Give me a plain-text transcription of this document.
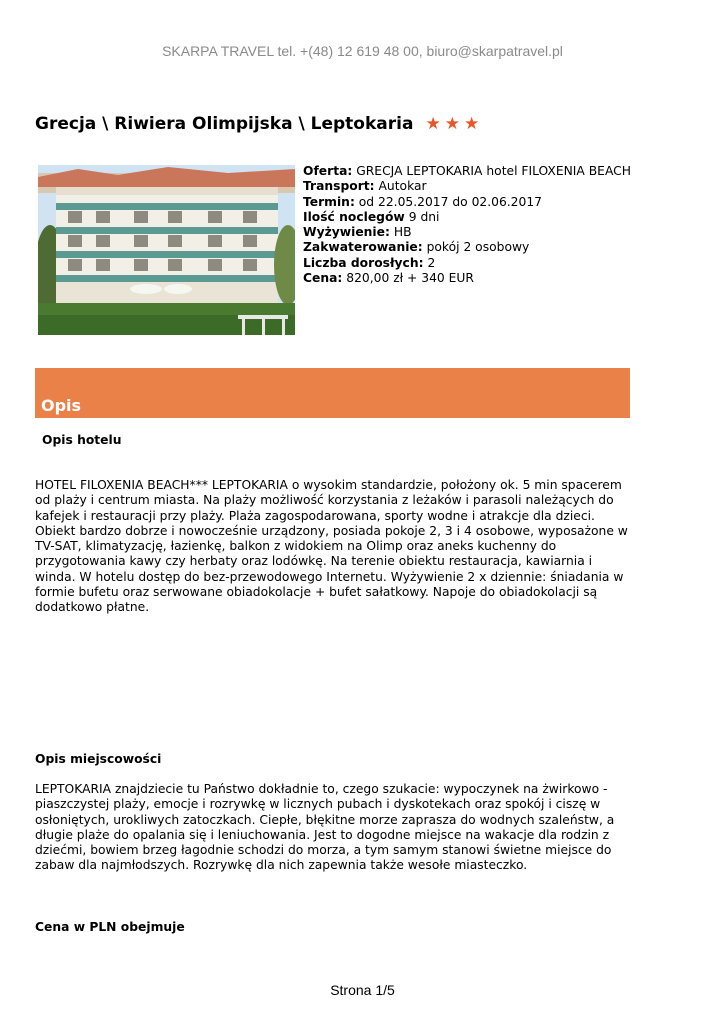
SKARPA TRAVEL tel. +(48) 12 619 48 00, biuro@skarpatravel.pl
Grecja \ Riwiera Olimpijska \ Leptokaria ★ ★ ★
Oferta: GRECJA LEPTOKARIA hotel FILOXENIA BEACH
Transport: Autokar
Termin: od 22.05.2017 do 02.06.2017
Ilość noclegów 9 dni
Wyżywienie: HB
Zakwaterowanie: pokój 2 osobowy
Liczba dorosłych: 2
Cena: 820,00 zł + 340 EUR
Opis
Opis hotelu
HOTEL FILOXENIA BEACH*** LEPTOKARIA o wysokim standardzie, położony ok. 5 min spacerem
od plaży i centrum miasta. Na plaży możliwość korzystania z leżaków i parasoli należących do
kafejek i restauracji przy plaży. Plaża zagospodarowana, sporty wodne i atrakcje dla dzieci.
Obiekt bardzo dobrze i nowocześnie urządzony, posiada pokoje 2, 3 i 4 osobowe, wyposażone w
TV-SAT, klimatyzację, łazienkę, balkon z widokiem na Olimp oraz aneks kuchenny do
przygotowania kawy czy herbaty oraz lodówkę. Na terenie obiektu restauracja, kawiarnia i
winda. W hotelu dostęp do bez-przewodowego Internetu. Wyżywienie 2 x dziennie: śniadania w
formie bufetu oraz serwowane obiadokolacje + bufet sałatkowy. Napoje do obiadokolacji są
dodatkowo płatne.
Opis miejscowości
LEPTOKARIA znajdziecie tu Państwo dokładnie to, czego szukacie: wypoczynek na żwirkowo -
piaszczystej plaży, emocje i rozrywkę w licznych pubach i dyskotekach oraz spokój i ciszę w
osłoniętych, urokliwych zatoczkach. Ciepłe, błękitne morze zaprasza do wodnych szaleństw, a
długie plaże do opalania się i leniuchowania. Jest to dogodne miejsce na wakacje dla rodzin z
dziećmi, bowiem brzeg łagodnie schodzi do morza, a tym samym stanowi świetne miejsce do
zabaw dla najmłodszych. Rozrywkę dla nich zapewnia także wesołe miasteczko.
Cena w PLN obejmuje
Strona 1/5
